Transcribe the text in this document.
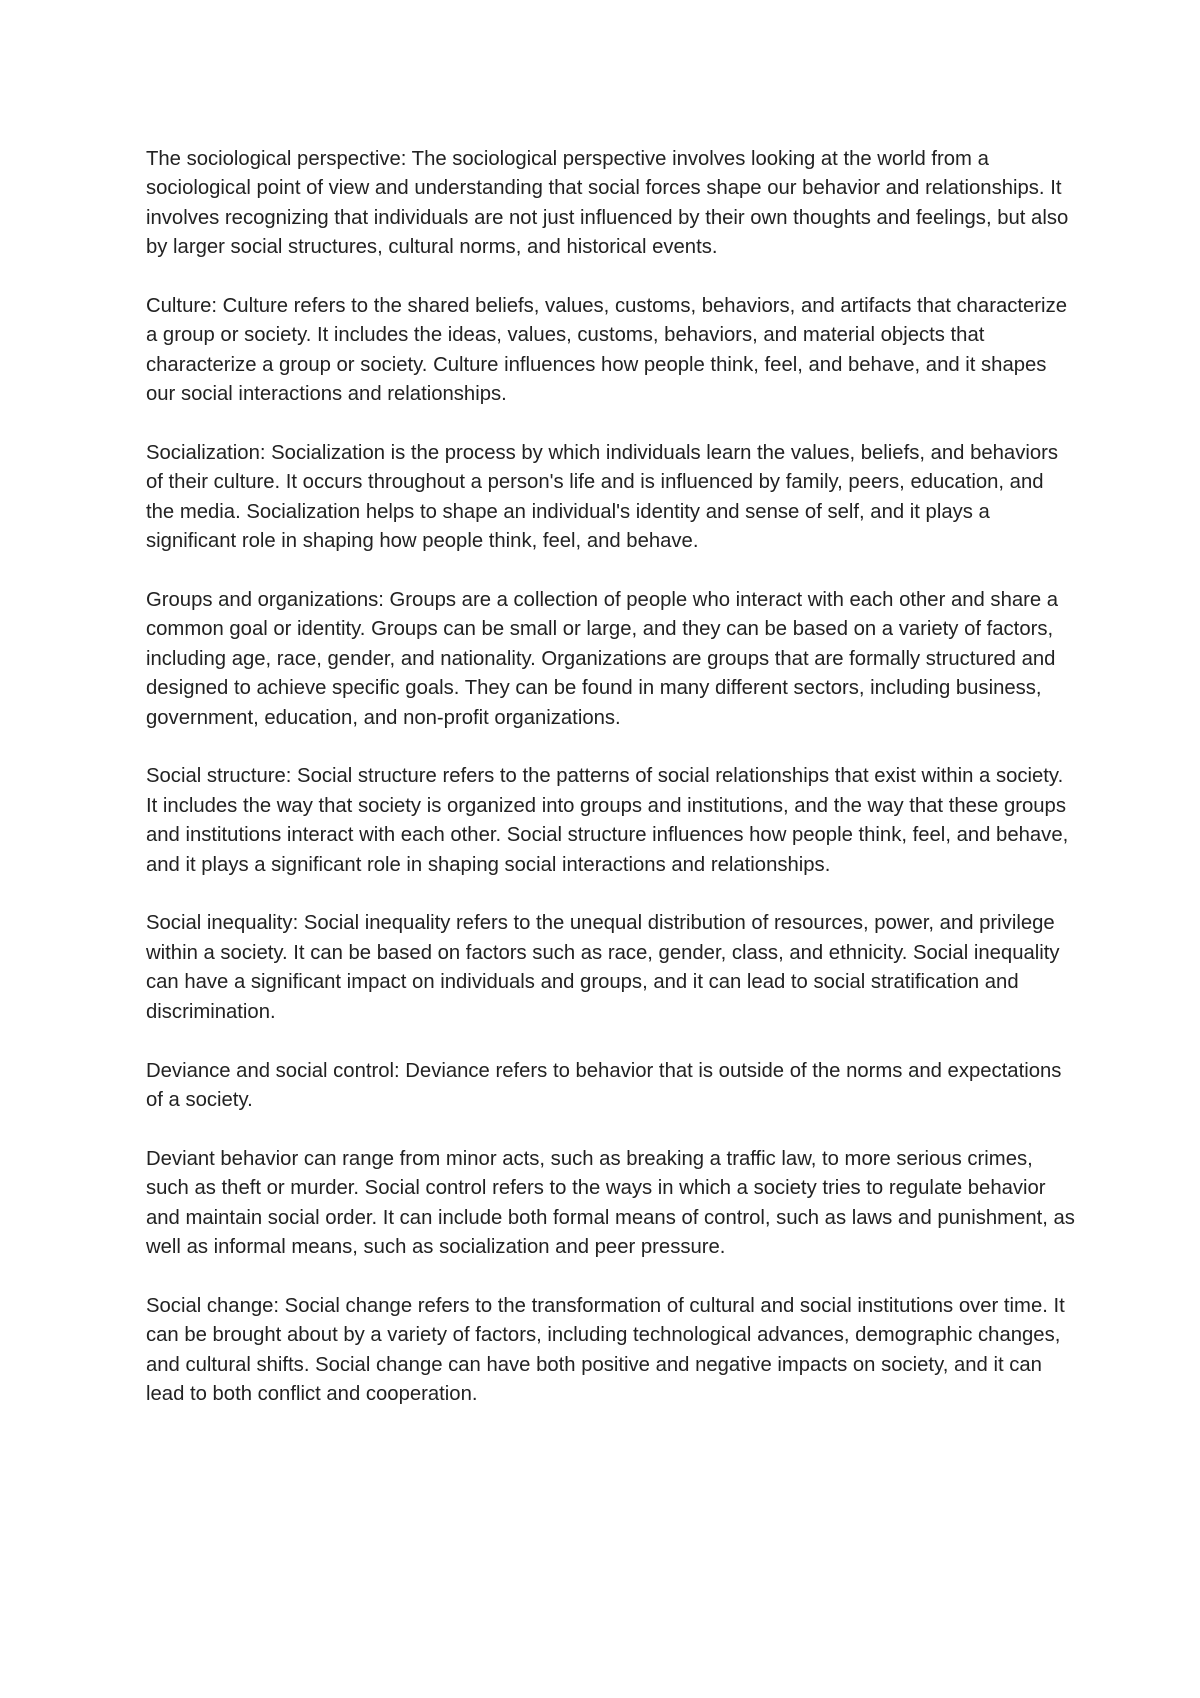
The sociological perspective: The sociological perspective involves looking at the world from a sociological point of view and understanding that social forces shape our behavior and relationships. It involves recognizing that individuals are not just influenced by their own thoughts and feelings, but also by larger social structures, cultural norms, and historical events.

Culture: Culture refers to the shared beliefs, values, customs, behaviors, and artifacts that characterize a group or society. It includes the ideas, values, customs, behaviors, and material objects that characterize a group or society. Culture influences how people think, feel, and behave, and it shapes our social interactions and relationships.

Socialization: Socialization is the process by which individuals learn the values, beliefs, and behaviors of their culture. It occurs throughout a person's life and is influenced by family, peers, education, and the media. Socialization helps to shape an individual's identity and sense of self, and it plays a significant role in shaping how people think, feel, and behave.

Groups and organizations: Groups are a collection of people who interact with each other and share a common goal or identity. Groups can be small or large, and they can be based on a variety of factors, including age, race, gender, and nationality. Organizations are groups that are formally structured and designed to achieve specific goals. They can be found in many different sectors, including business, government, education, and non-profit organizations.

Social structure: Social structure refers to the patterns of social relationships that exist within a society. It includes the way that society is organized into groups and institutions, and the way that these groups and institutions interact with each other. Social structure influences how people think, feel, and behave, and it plays a significant role in shaping social interactions and relationships.

Social inequality: Social inequality refers to the unequal distribution of resources, power, and privilege within a society. It can be based on factors such as race, gender, class, and ethnicity. Social inequality can have a significant impact on individuals and groups, and it can lead to social stratification and discrimination.

Deviance and social control: Deviance refers to behavior that is outside of the norms and expectations of a society.

Deviant behavior can range from minor acts, such as breaking a traffic law, to more serious crimes, such as theft or murder. Social control refers to the ways in which a society tries to regulate behavior and maintain social order. It can include both formal means of control, such as laws and punishment, as well as informal means, such as socialization and peer pressure.

Social change: Social change refers to the transformation of cultural and social institutions over time. It can be brought about by a variety of factors, including technological advances, demographic changes, and cultural shifts. Social change can have both positive and negative impacts on society, and it can lead to both conflict and cooperation.
